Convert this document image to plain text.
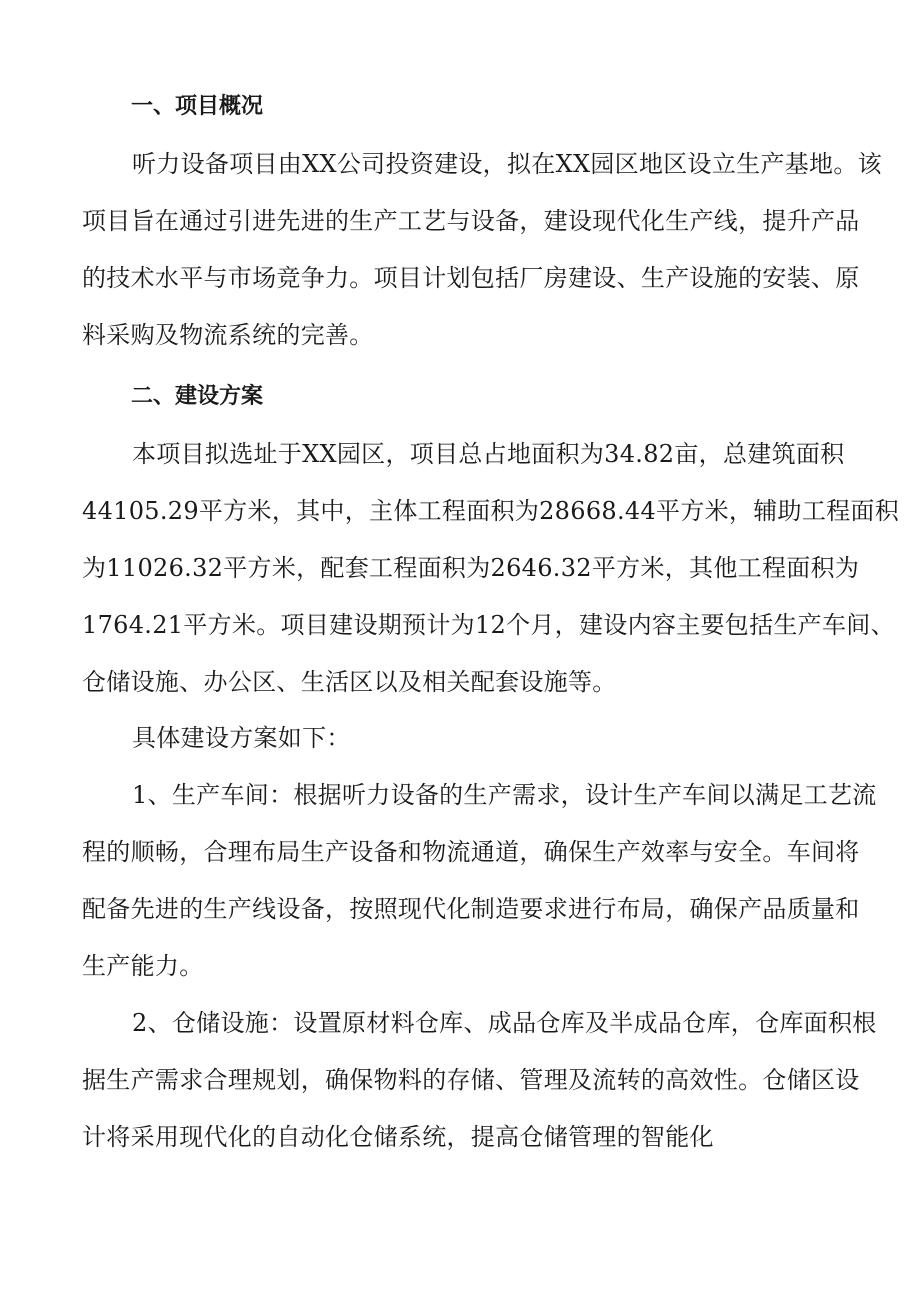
一、项目概况

听力设备项目由XX公司投资建设，拟在XX园区地区设立生产基地。该
项目旨在通过引进先进的生产工艺与设备，建设现代化生产线，提升产品
的技术水平与市场竞争力。项目计划包括厂房建设、生产设施的安装、原
料采购及物流系统的完善。

二、建设方案

本项目拟选址于XX园区，项目总占地面积为34.82亩，总建筑面积
44105.29平方米，其中，主体工程面积为28668.44平方米，辅助工程面积
为11026.32平方米，配套工程面积为2646.32平方米，其他工程面积为
1764.21平方米。项目建设期预计为12个月，建设内容主要包括生产车间、
仓储设施、办公区、生活区以及相关配套设施等。

具体建设方案如下：

1、生产车间：根据听力设备的生产需求，设计生产车间以满足工艺流
程的顺畅，合理布局生产设备和物流通道，确保生产效率与安全。车间将
配备先进的生产线设备，按照现代化制造要求进行布局，确保产品质量和
生产能力。

2、仓储设施：设置原材料仓库、成品仓库及半成品仓库，仓库面积根
据生产需求合理规划，确保物料的存储、管理及流转的高效性。仓储区设
计将采用现代化的自动化仓储系统，提高仓储管理的智能化
